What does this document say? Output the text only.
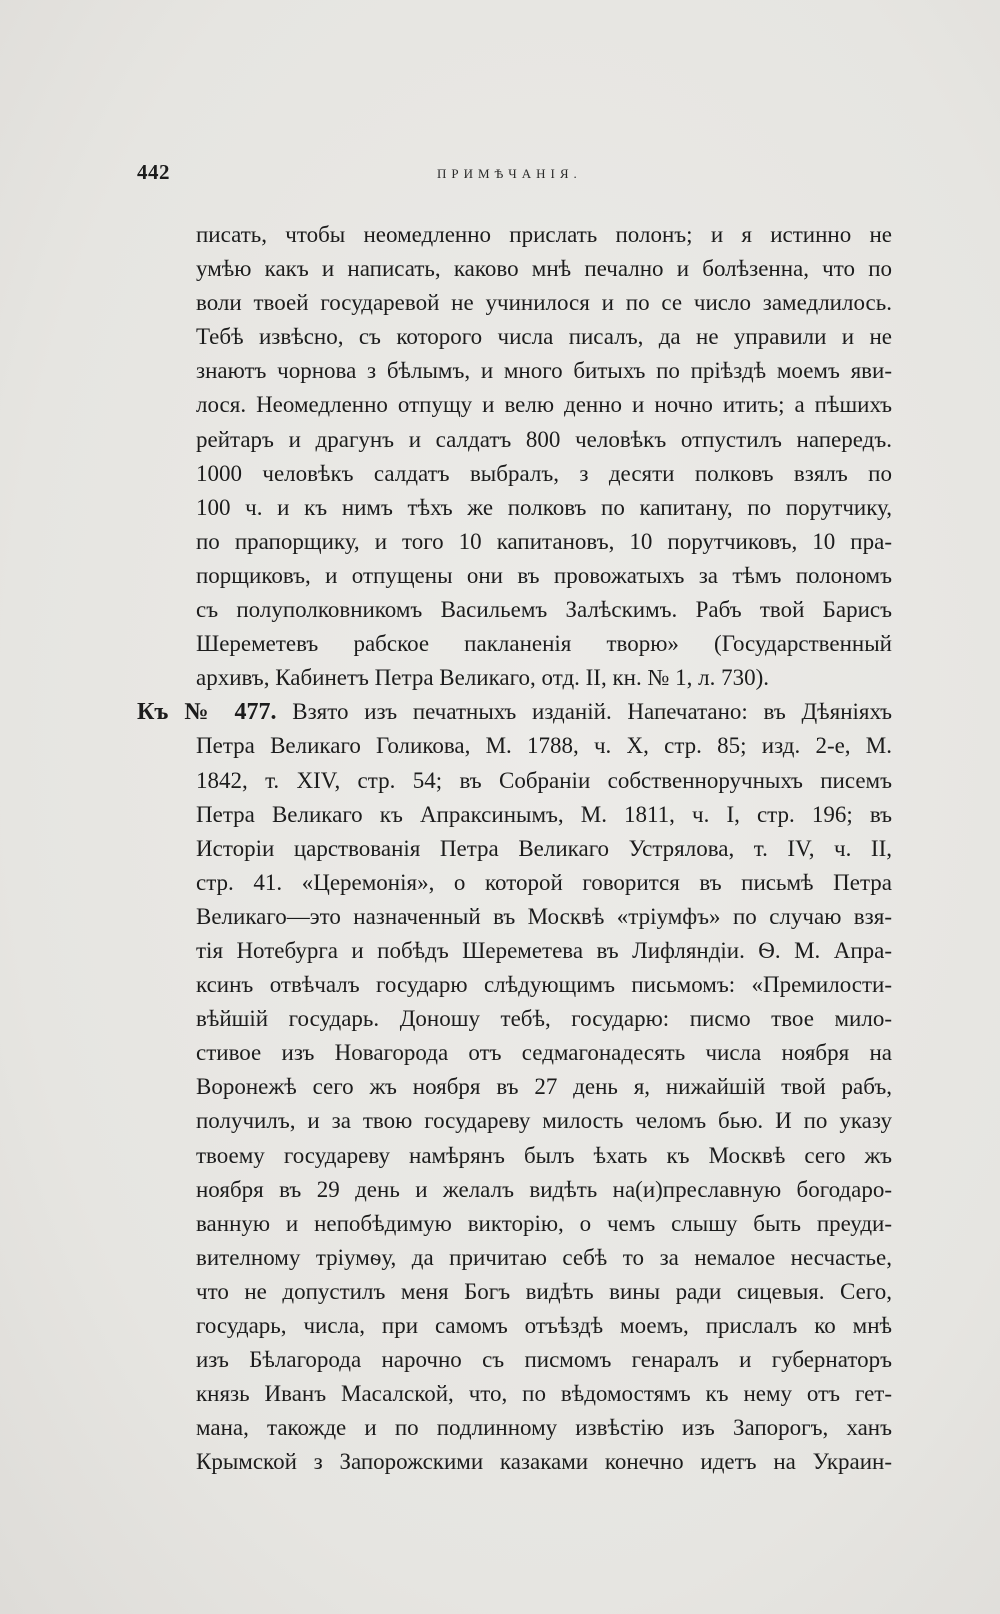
442	ПРИМѢЧАНІЯ.
писать, чтобы неомедленно прислать полонъ; и я истинно не
умѣю какъ и написать, каково мнѣ печално и болѣзенна, что по
воли твоей государевой не учинилося и по се число замедлилось.
Тебѣ извѣсно, съ которого числа писалъ, да не управили и не
знаютъ чорнова з бѣлымъ, и много битыхъ по пріѣздѣ моемъ яви-
лося. Неомедленно отпущу и велю денно и ночно итить; а пѣшихъ
рейтаръ и драгунъ и салдатъ 800 человѣкъ отпустилъ напередъ.
1000 человѣкъ салдатъ выбралъ, з десяти полковъ взялъ по
100 ч. и къ нимъ тѣхъ же полковъ по капитану, по порутчику,
по прапорщику, и того 10 капитановъ, 10 порутчиковъ, 10 пра-
порщиковъ, и отпущены они въ провожатыхъ за тѣмъ полономъ
съ полуполковникомъ Васильемъ Залѣскимъ. Рабъ твой Барисъ
Шереметевъ рабское пакланенія творю» (Государственный
архивъ, Кабинетъ Петра Великаго, отд. II, кн. № 1, л. 730).
Къ № 477. Взято изъ печатныхъ изданій. Напечатано: въ Дѣяніяхъ
Петра Великаго Голикова, М. 1788, ч. X, стр. 85; изд. 2-е, М.
1842, т. XIV, стр. 54; въ Собраніи собственноручныхъ писемъ
Петра Великаго къ Апраксинымъ, М. 1811, ч. I, стр. 196; въ
Исторіи царствованія Петра Великаго Устрялова, т. IV, ч. II,
стр. 41. «Церемонія», о которой говорится въ письмѣ Петра
Великаго—это назначенный въ Москвѣ «тріумфъ» по случаю взя-
тія Нотебурга и побѣдъ Шереметева въ Лифляндіи. Ѳ. М. Апра-
ксинъ отвѣчалъ государю слѣдующимъ письмомъ: «Премилости-
вѣйшій государь. Доношу тебѣ, государю: писмо твое мило-
стивое изъ Новагорода отъ седмагонадесять числа ноября на
Воронежѣ сего жъ ноября въ 27 день я, нижайшій твой рабъ,
получилъ, и за твою государеву милость челомъ бью. И по указу
твоему государеву намѣрянъ былъ ѣхать къ Москвѣ сего жъ
ноября въ 29 день и желалъ видѣть на(и)преславную богодаро-
ванную и непобѣдимую викторію, о чемъ слышу быть преуди-
вителному тріумѳу, да причитаю себѣ то за немалое несчастье,
что не допустилъ меня Богъ видѣть вины ради сицевыя. Сего,
государь, числа, при самомъ отъѣздѣ моемъ, прислалъ ко мнѣ
изъ Бѣлагорода нарочно съ писмомъ генаралъ и губернаторъ
князь Иванъ Масалской, что, по вѣдомостямъ къ нему отъ гет-
мана, такожде и по подлинному извѣстію изъ Запорогъ, ханъ
Крымской з Запорожскими казаками конечно идетъ на Украин-
